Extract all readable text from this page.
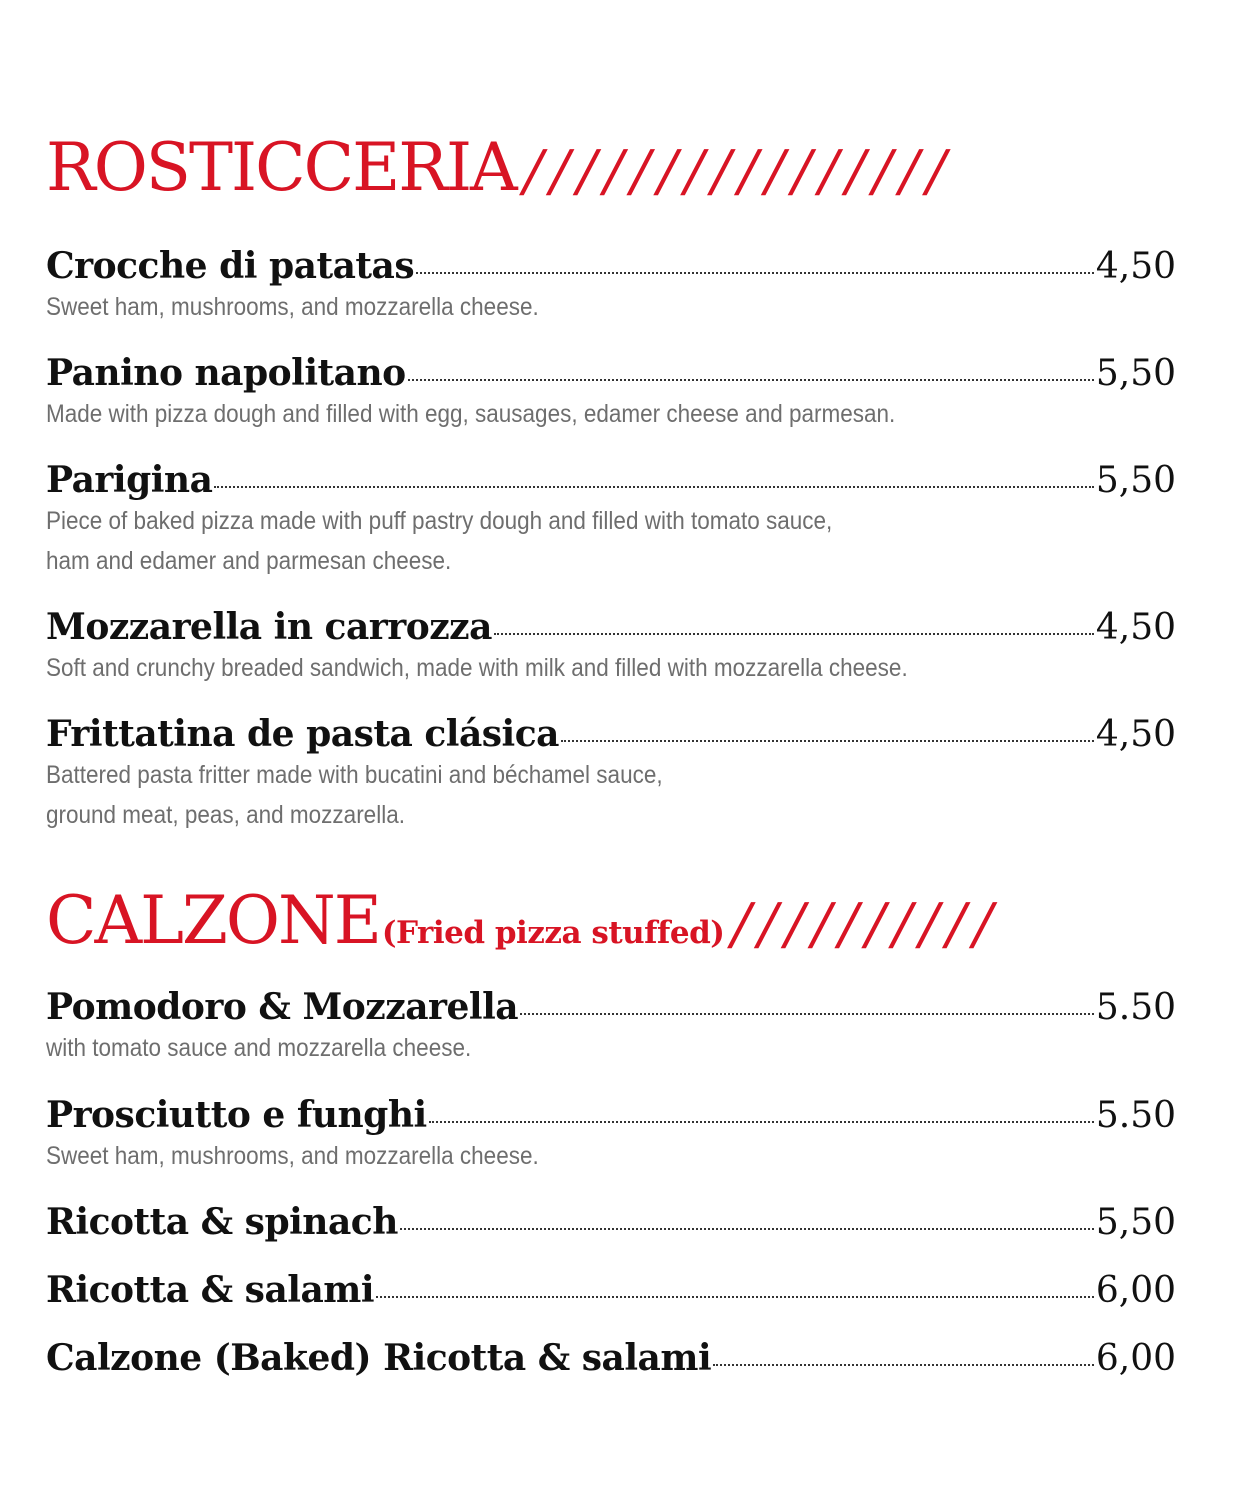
ROSTICCERIA ////////////////
Crocche di patatas	4,50
Sweet ham, mushrooms, and mozzarella cheese.
Panino napolitano	5,50
Made with pizza dough and filled with egg, sausages, edamer cheese and parmesan.
Parigina	5,50
Piece of baked pizza made with puff pastry dough and filled with tomato sauce,
ham and edamer and parmesan cheese.
Mozzarella in carrozza	4,50
Soft and crunchy breaded sandwich, made with milk and filled with mozzarella cheese.
Frittatina de pasta clásica	4,50
Battered pasta fritter made with bucatini and béchamel sauce,
ground meat, peas, and mozzarella.
CALZONE (Fried pizza stuffed) //////////
Pomodoro & Mozzarella	5.50
with tomato sauce and mozzarella cheese.
Prosciutto e funghi	5.50
Sweet ham, mushrooms, and mozzarella cheese.
Ricotta & spinach	5,50
Ricotta & salami	6,00
Calzone (Baked) Ricotta & salami	6,00
